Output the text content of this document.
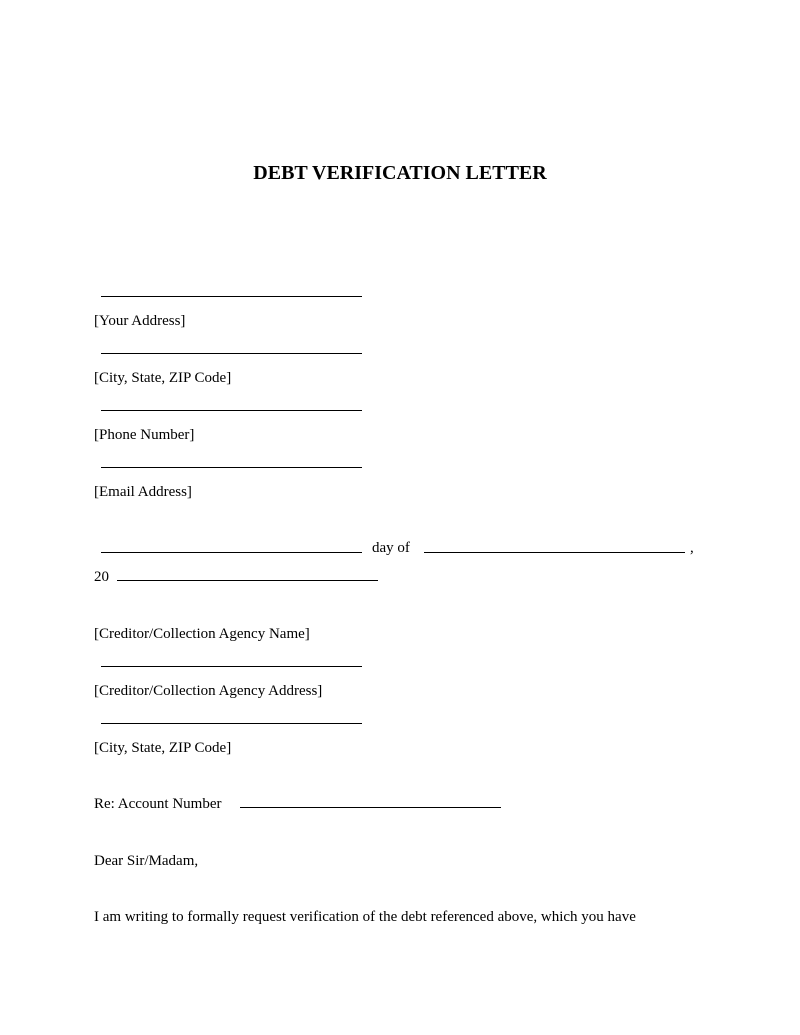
DEBT VERIFICATION LETTER
[Your Address]
[City, State, ZIP Code]
[Phone Number]
[Email Address]
day of	,
20
[Creditor/Collection Agency Name]
[Creditor/Collection Agency Address]
[City, State, ZIP Code]
Re: Account Number
Dear Sir/Madam,
I am writing to formally request verification of the debt referenced above, which you have
